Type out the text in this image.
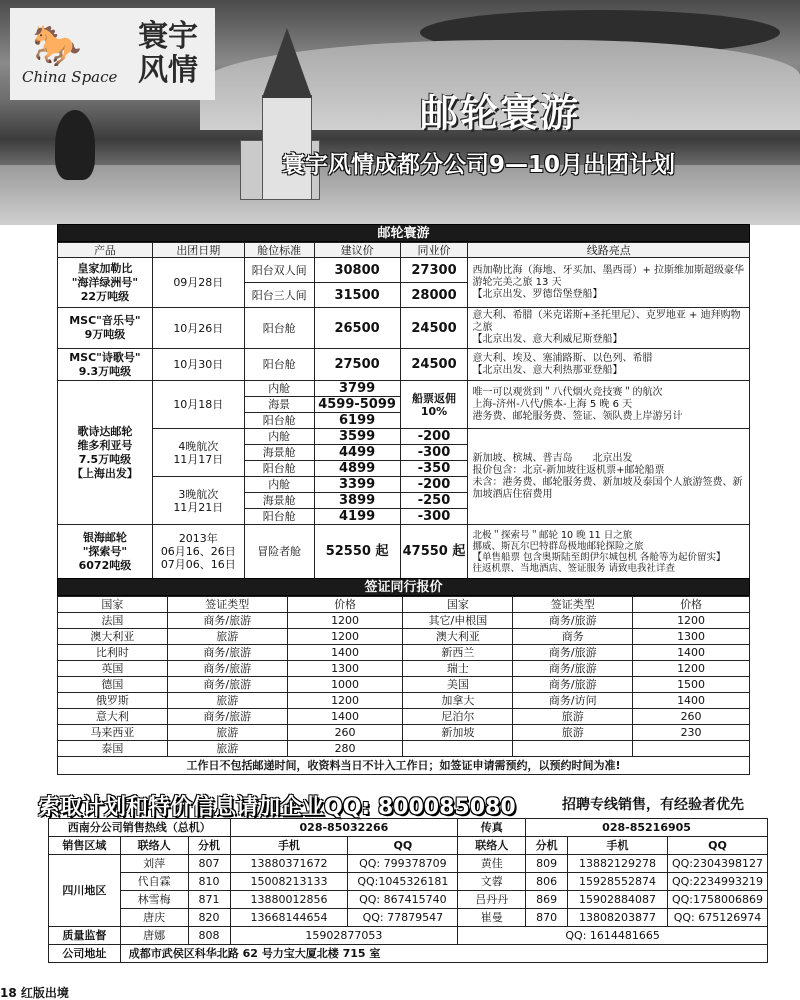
🐎 寰宇风情
China Space
邮轮寰游
寰宇风情成都分公司9—10月出团计划
邮轮寰游
产品	出团日期	舱位标准	建议价	同业价	线路亮点
皇家加勒比
"海洋绿洲号"
22万吨级	09月28日	阳台双人间	30800	27300	西加勒比海（海地、牙买加、墨西哥）+ 拉斯维加斯超级豪华游轮完美之旅 13 天
【北京出发、罗德岱堡登船】
		阳台三人间	31500	28000	
MSC"音乐号"
9万吨级	10月26日	阳台舱	26500	24500	意大利、希腊（米克诺斯+圣托里尼）、克罗地亚 + 迪拜购物之旅
【北京出发、意大利威尼斯登船】
MSC"诗歌号"
9.3万吨级	10月30日	阳台舱	27500	24500	意大利、埃及、塞浦路斯、以色列、希腊
【北京出发、意大利热那亚登船】
歌诗达邮轮
维多利亚号
7.5万吨级
【上海出发】	10月18日	内舱	3799	船票返佣
10%	唯一可以观赏到＂八代烟火竞技赛＂的航次
上海-济州-八代/熊本-上海 5 晚 6 天
港务费、邮轮服务费、签证、领队费上岸游另计
		海景	4599-5099		
		阳台舱	6199		
	4晚航次
11月17日	内舱	3599	-200	新加坡、槟城、普吉岛　　北京出发
报价包含：北京-新加坡往返机票+邮轮船票
未含：港务费、邮轮服务费、新加坡及泰国个人旅游签费、新加坡酒店住宿费用
		海景舱	4499	-300	
		阳台舱	4899	-350	
	3晚航次
11月21日	内舱	3399	-200	
		海景舱	3899	-250	
		阳台舱	4199	-300	
银海邮轮
"探索号"
6072吨级	2013年
06月16、26日
07月06、16日	冒险者舱	52550 起	47550 起	北极＂探索号＂邮轮 10 晚 11 日之旅
挪威、斯瓦尔巴特群岛极地邮轮探险之旅
【单售船票 包含奥斯陆至朗伊尔城包机 各舱等为起价留实】
往返机票、当地酒店、签证服务 请致电我社详查
签证同行报价
国家	签证类型	价格	国家	签证类型	价格
法国	商务/旅游	1200	其它/申根国	商务/旅游	1200
澳大利亚	旅游	1200	澳大利亚	商务	1300
比利时	商务/旅游	1400	新西兰	商务/旅游	1400
英国	商务/旅游	1300	瑞士	商务/旅游	1200
德国	商务/旅游	1000	美国	商务/旅游	1500
俄罗斯	旅游	1200	加拿大	商务/访问	1400
意大利	商务/旅游	1400	尼泊尔	旅游	260
马来西亚	旅游	260	新加坡	旅游	230
泰国	旅游	280			
工作日不包括邮递时间，收资料当日不计入工作日；如签证申请需预约，以预约时间为准!
索取计划和特价信息请加企业QQ: 800085080	招聘专线销售，有经验者优先
西南分公司销售热线（总机）			028-85032266		传真	028-85216905		
销售区域	联络人	分机	手机	QQ	联络人	分机	手机	QQ
四川地区	刘萍	807	13880371672	QQ: 799378709	黄佳	809	13882129278	QQ:2304398127
	代自霖	810	15008213133	QQ:1045326181	文蓉	806	15928552874	QQ:2234993219
	林雪梅	871	13880012856	QQ: 867415740	吕丹丹	869	15902884087	QQ:1758006869
	唐庆	820	13668144654	QQ: 77879547	崔曼	870	13808203877	QQ: 675126974
质量监督	唐娜	808	15902877053		QQ: 1614481665			
公司地址	成都市武侯区科华北路 62 号力宝大厦北楼 715 室							
18 红版出境
